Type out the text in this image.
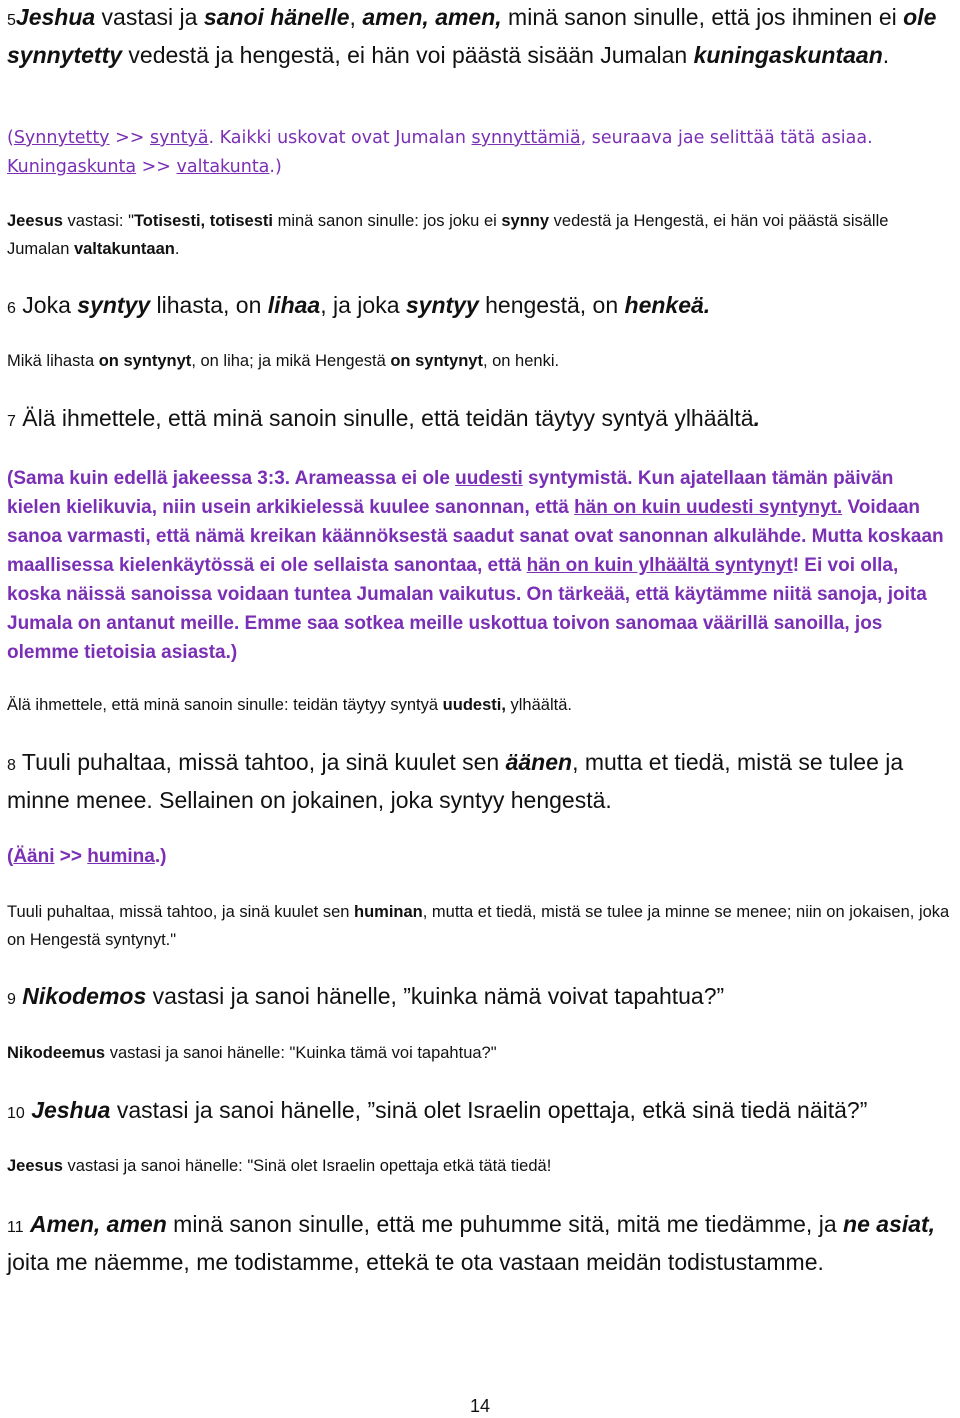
5Jeshua vastasi ja sanoi hänelle, amen, amen, minä sanon sinulle, että jos ihminen ei ole synnytetty vedestä ja hengestä, ei hän voi päästä sisään Jumalan kuningaskuntaan.

(Synnytetty >> syntyä. Kaikki uskovat ovat Jumalan synnyttämiä, seuraava jae selittää tätä asiaa. Kuningaskunta >> valtakunta.)

Jeesus vastasi: "Totisesti, totisesti minä sanon sinulle: jos joku ei synny vedestä ja Hengestä, ei hän voi päästä sisälle Jumalan valtakuntaan.

6 Joka syntyy lihasta, on lihaa, ja joka syntyy hengestä, on henkeä.

Mikä lihasta on syntynyt, on liha; ja mikä Hengestä on syntynyt, on henki.

7 Älä ihmettele, että minä sanoin sinulle, että teidän täytyy syntyä ylhäältä.

(Sama kuin edellä jakeessa 3:3. Arameassa ei ole uudesti syntymistä. Kun ajatellaan tämän päivän kielen kielikuvia, niin usein arkikielessä kuulee sanonnan, että hän on kuin uudesti syntynyt. Voidaan sanoa varmasti, että nämä kreikan käännöksestä saadut sanat ovat sanonnan alkulähde. Mutta koskaan maallisessa kielenkäytössä ei ole sellaista sanontaa, että hän on kuin ylhäältä syntynyt! Ei voi olla, koska näissä sanoissa voidaan tuntea Jumalan vaikutus. On tärkeää, että käytämme niitä sanoja, joita Jumala on antanut meille. Emme saa sotkea meille uskottua toivon sanomaa väärillä sanoilla, jos olemme tietoisia asiasta.)

Älä ihmettele, että minä sanoin sinulle: teidän täytyy syntyä uudesti, ylhäältä.

8 Tuuli puhaltaa, missä tahtoo, ja sinä kuulet sen äänen, mutta et tiedä, mistä se tulee ja minne menee. Sellainen on jokainen, joka syntyy hengestä.

(Ääni >> humina.)

Tuuli puhaltaa, missä tahtoo, ja sinä kuulet sen huminan, mutta et tiedä, mistä se tulee ja minne se menee; niin on jokaisen, joka on Hengestä syntynyt."

9 Nikodemos vastasi ja sanoi hänelle, ”kuinka nämä voivat tapahtua?”

Nikodeemus vastasi ja sanoi hänelle: "Kuinka tämä voi tapahtua?"

10 Jeshua vastasi ja sanoi hänelle, ”sinä olet Israelin opettaja, etkä sinä tiedä näitä?”

Jeesus vastasi ja sanoi hänelle: "Sinä olet Israelin opettaja etkä tätä tiedä!

11 Amen, amen minä sanon sinulle, että me puhumme sitä, mitä me tiedämme, ja ne asiat, joita me näemme, me todistamme, ettekä te ota vastaan meidän todistustamme.

14
